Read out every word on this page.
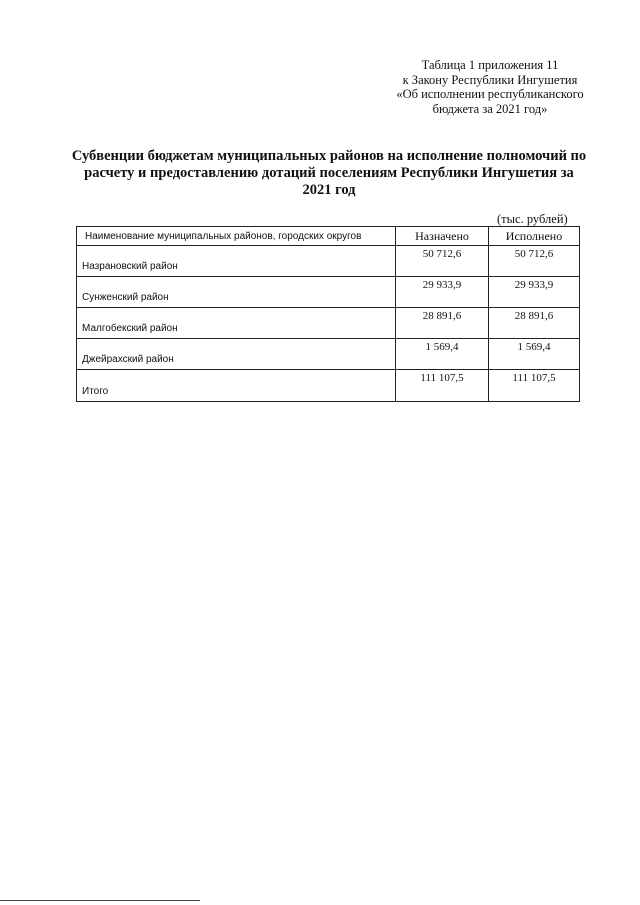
Таблица 1 приложения 11
к Закону Республики Ингушетия
«Об исполнении республиканского
бюджета за 2021 год»
Субвенции бюджетам муниципальных районов на исполнение полномочий по
расчету и предоставлению дотаций поселениям Республики Ингушетия за
2021 год
(тыс. рублей)
Наименование муниципальных районов, городских округов	Назначено	Исполнено
Назрановский район	50 712,6	50 712,6
Сунженский район	29 933,9	29 933,9
Малгобекский район	28 891,6	28 891,6
Джейрахский район	1 569,4	1 569,4
Итого	111 107,5	111 107,5
